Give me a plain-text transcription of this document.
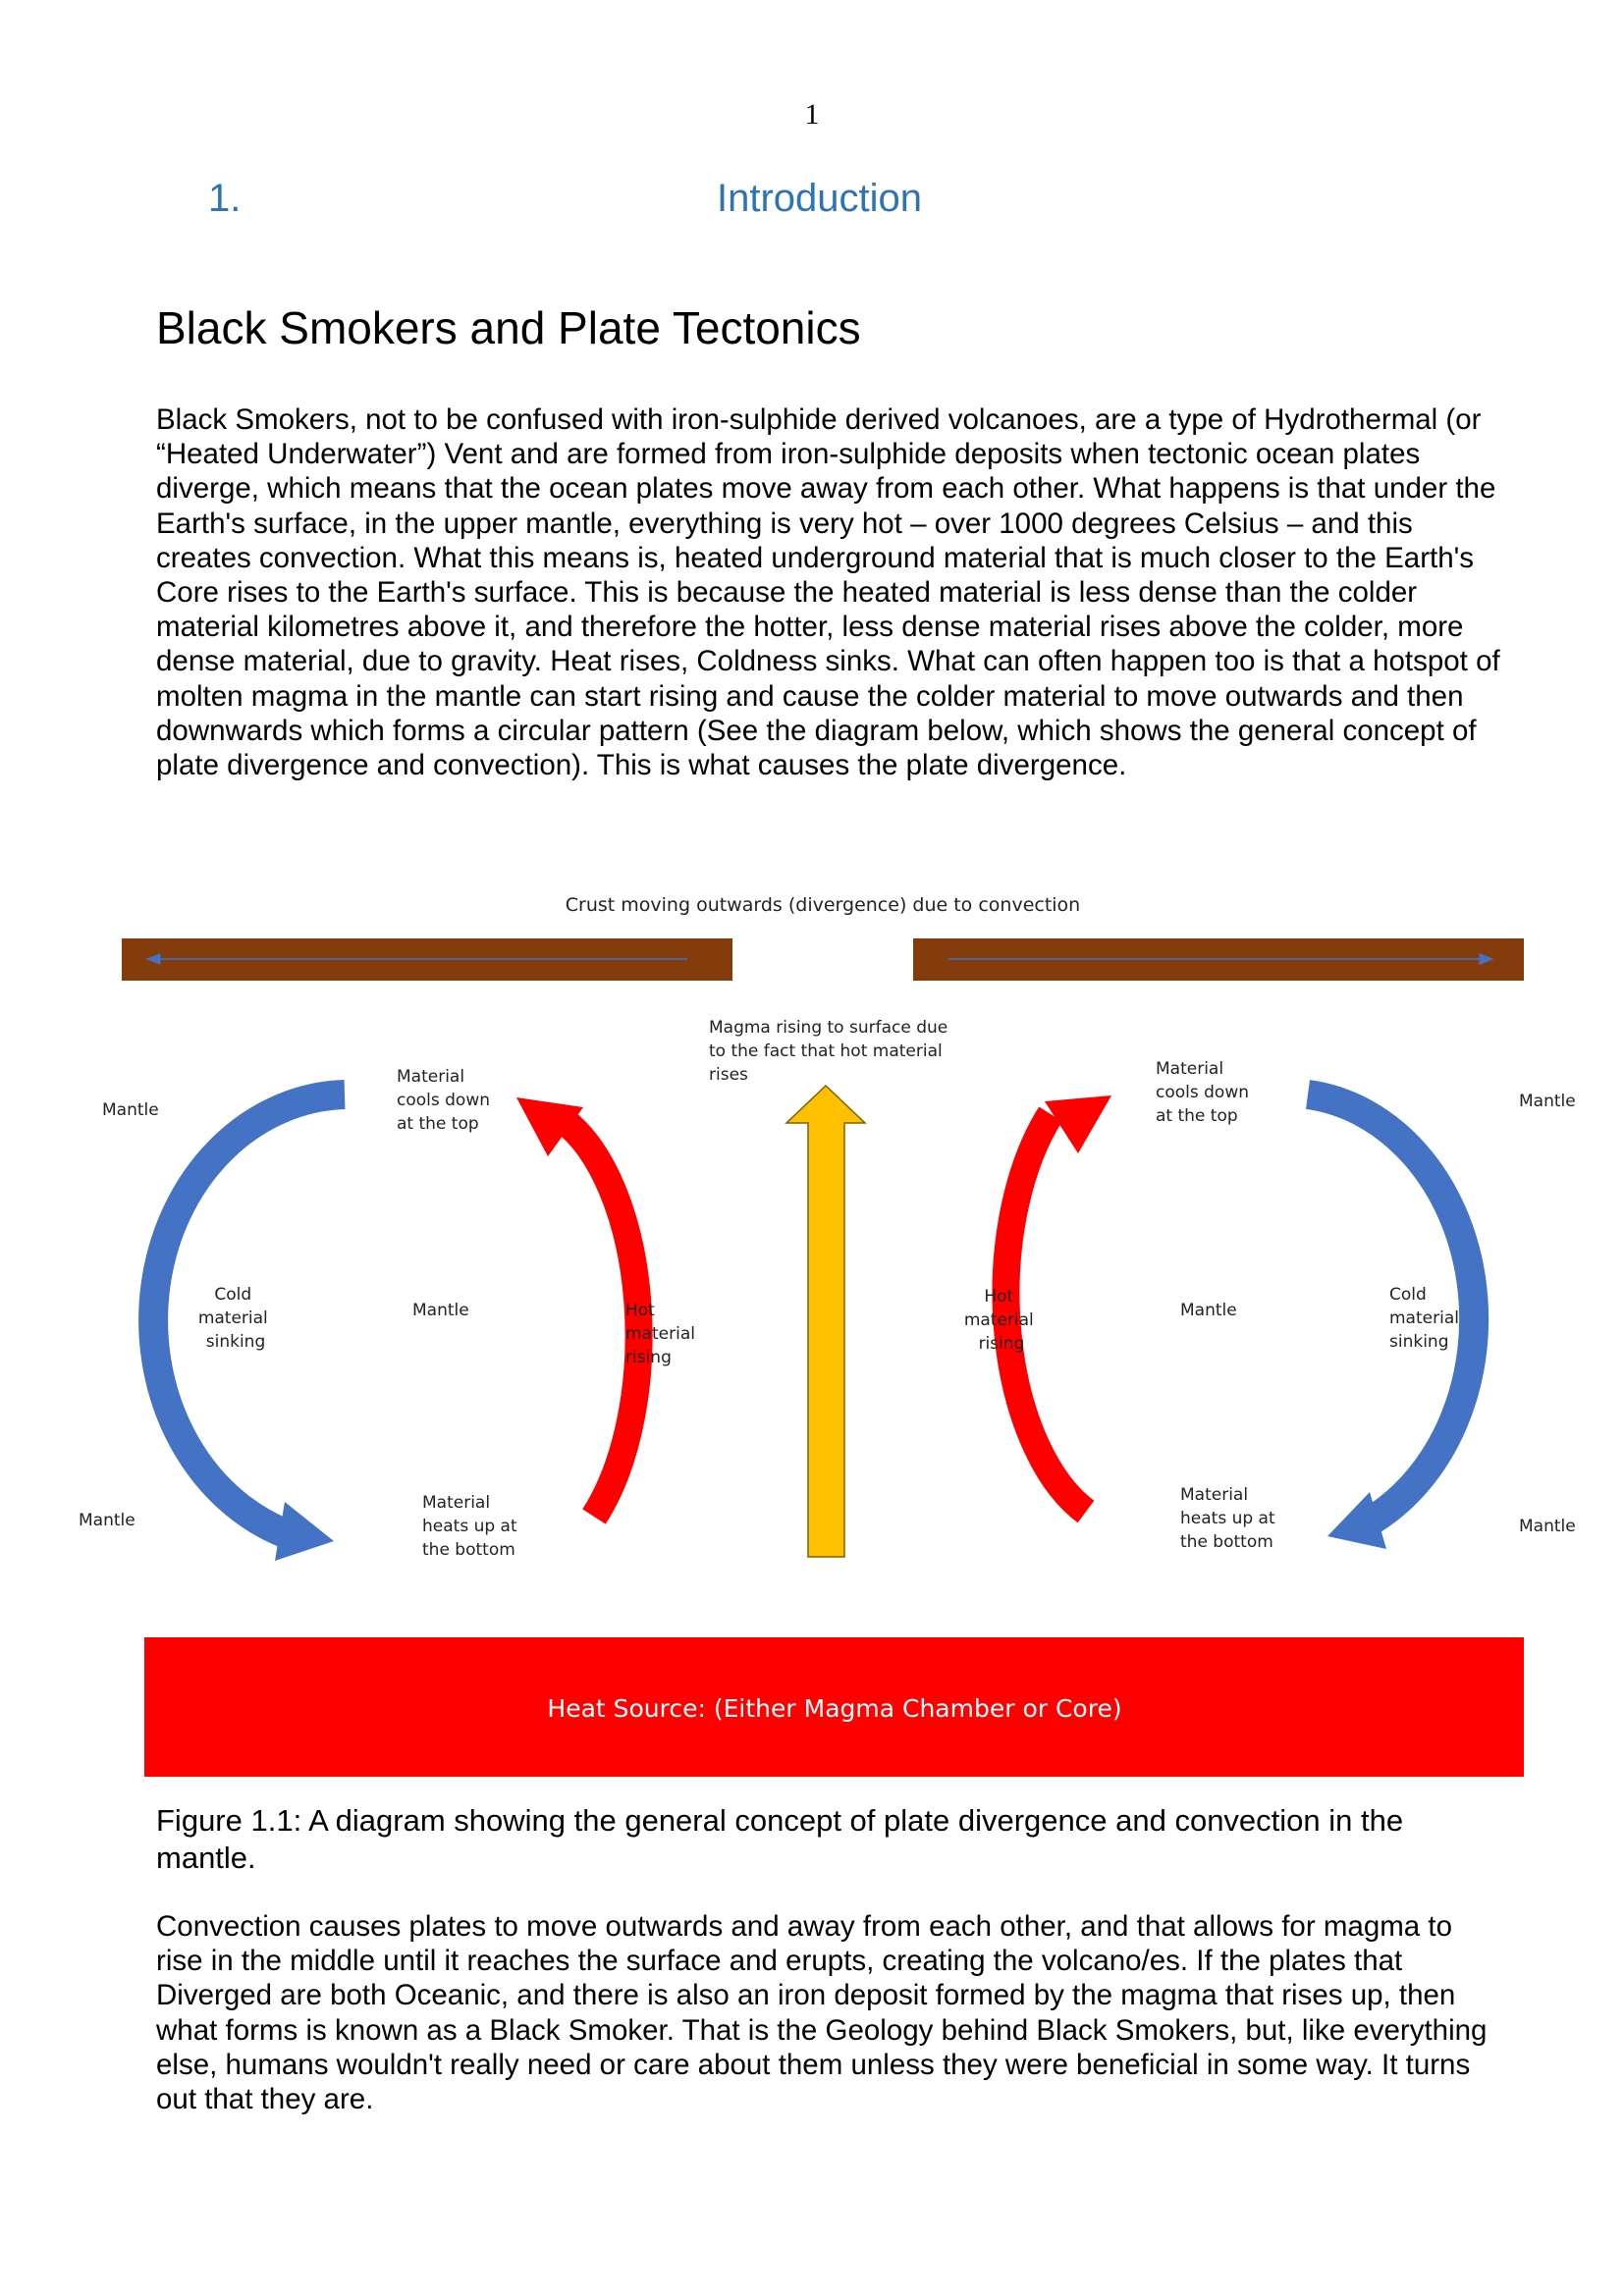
1
1.	Introduction
Black Smokers and Plate Tectonics

Black Smokers, not to be confused with iron-sulphide derived volcanoes, are a type of Hydrothermal (or “Heated Underwater”) Vent and are formed from iron-sulphide deposits when tectonic ocean plates diverge, which means that the ocean plates move away from each other. What happens is that under the Earth's surface, in the upper mantle, everything is very hot – over 1000 degrees Celsius – and this creates convection. What this means is, heated underground material that is much closer to the Earth's Core rises to the Earth's surface. This is because the heated material is less dense than the colder material kilometres above it, and therefore the hotter, less dense material rises above the colder, more dense material, due to gravity. Heat rises, Coldness sinks. What can often happen too is that a hotspot of molten magma in the mantle can start rising and cause the colder material to move outwards and then downwards which forms a circular pattern (See the diagram below, which shows the general concept of plate divergence and convection). This is what causes the plate divergence.

Crust moving outwards (divergence) due to convection
Magma rising to surface due to the fact that hot material rises
Mantle
Mantle
Mantle
Mantle
Mantle	Mantle
Material cools down at the top
Material cools down at the top
Material heats up at the bottom
Material heats up at the bottom
Cold material sinking
Cold material sinking
Hot material rising
Hot material rising
Heat Source: (Either Magma Chamber or Core)

Figure 1.1: A diagram showing the general concept of plate divergence and convection in the mantle.

Convection causes plates to move outwards and away from each other, and that allows for magma to rise in the middle until it reaches the surface and erupts, creating the volcano/es. If the plates that Diverged are both Oceanic, and there is also an iron deposit formed by the magma that rises up, then what forms is known as a Black Smoker. That is the Geology behind Black Smokers, but, like everything else, humans wouldn't really need or care about them unless they were beneficial in some way. It turns out that they are.
